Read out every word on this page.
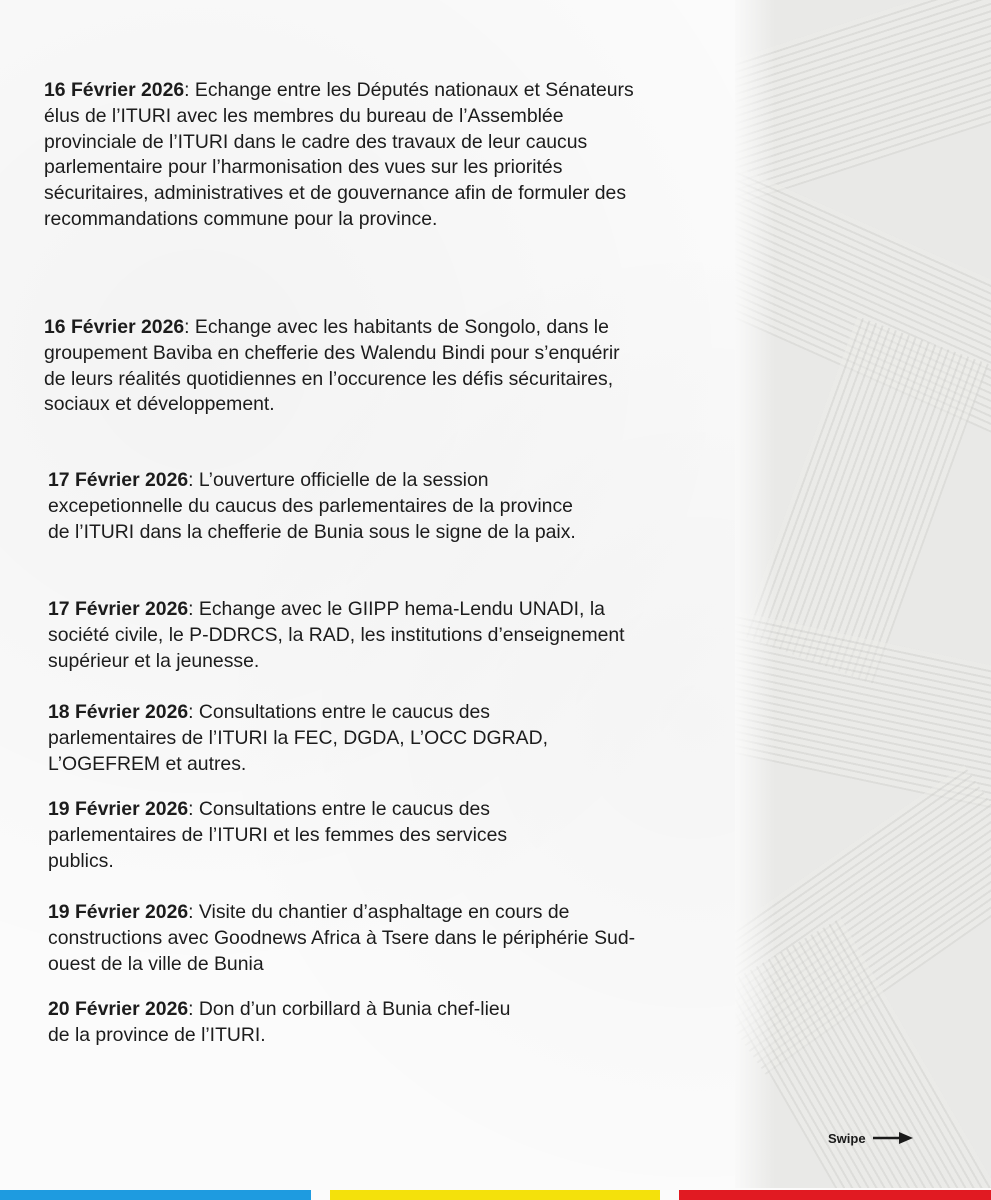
16 Février 2026: Echange entre les Députés nationaux et Sénateurs élus de l’ITURI avec les membres du bureau de l’Assemblée provinciale de l’ITURI dans le cadre des travaux de leur caucus parlementaire pour l’harmonisation des vues sur les priorités sécuritaires, administratives et de gouvernance afin de formuler des recommandations commune pour la province.

16 Février 2026: Echange avec les habitants de Songolo, dans le groupement Baviba en chefferie des Walendu Bindi pour s’enquérir de leurs réalités quotidiennes en l’occurence les défis sécuritaires, sociaux et développement.

17 Février 2026: L’ouverture officielle de la session excepetionnelle du caucus des parlementaires de la province de l’ITURI dans la chefferie de Bunia sous le signe de la paix.

17 Février 2026: Echange avec le GIIPP hema-Lendu UNADI, la société civile, le P-DDRCS, la RAD, les institutions d’enseignement supérieur et la jeunesse.

18 Février 2026: Consultations entre le caucus des parlementaires de l’ITURI la FEC, DGDA, L’OCC DGRAD, L’OGEFREM et autres.

19 Février 2026: Consultations entre le caucus des parlementaires de l’ITURI et les femmes des services publics.

19 Février 2026: Visite du chantier d’asphaltage en cours de constructions avec Goodnews Africa à Tsere dans le périphérie Sud-ouest de la ville de Bunia

20 Février 2026: Don d’un corbillard à Bunia chef-lieu de la province de l’ITURI.

Swipe
